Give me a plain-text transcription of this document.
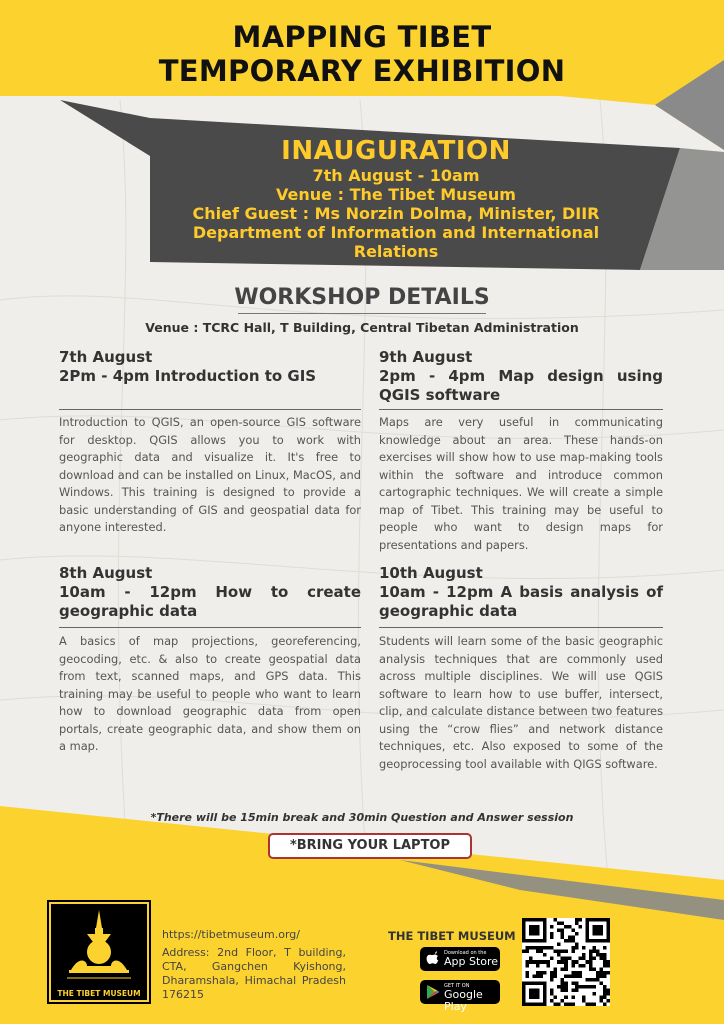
MAPPING TIBET
TEMPORARY EXHIBITION
INAUGURATION
7th August - 10am
Venue : The Tibet Museum
Chief Guest : Ms Norzin Dolma, Minister, DIIR
Department of Information and International
Relations
WORKSHOP DETAILS
Venue : TCRC Hall, T Building, Central Tibetan Administration
7th August
2Pm - 4pm Introduction to GIS
Introduction to QGIS, an open-source GIS software for desktop. QGIS allows you to work with geographic data and visualize it. It's free to download and can be installed on Linux, MacOS, and Windows. This training is designed to provide a basic understanding of GIS and geospatial data for anyone interested.
9th August
2pm - 4pm Map design using QGIS software
Maps are very useful in communicating knowledge about an area. These hands-on exercises will show how to use map-making tools within the software and introduce common cartographic techniques. We will create a simple map of Tibet. This training may be useful to people who want to design maps for presentations and papers.
8th August
10am - 12pm How to create geographic data
A basics of map projections, georeferencing, geocoding, etc. & also to create geospatial data from text, scanned maps, and GPS data. This training may be useful to people who want to learn how to download geographic data from open portals, create geographic data, and show them on a map.
10th August
10am - 12pm A basis analysis of geographic data
Students will learn some of the basic geographic analysis techniques that are commonly used across multiple disciplines. We will use QGIS software to learn how to use buffer, intersect, clip, and calculate distance between two features using the “crow flies” and network distance techniques, etc. Also exposed to some of the geoprocessing tool available with QIGS software.
*There will be 15min break and 30min Question and Answer session
*BRING YOUR LAPTOP
THE TIBET MUSEUM
https://tibetmuseum.org/
Address: 2nd Floor, T building, CTA, Gangchen Kyishong, Dharamshala, Himachal Pradesh 176215
THE TIBET MUSEUM
Download on the
App Store
GET IT ON
Google Play
